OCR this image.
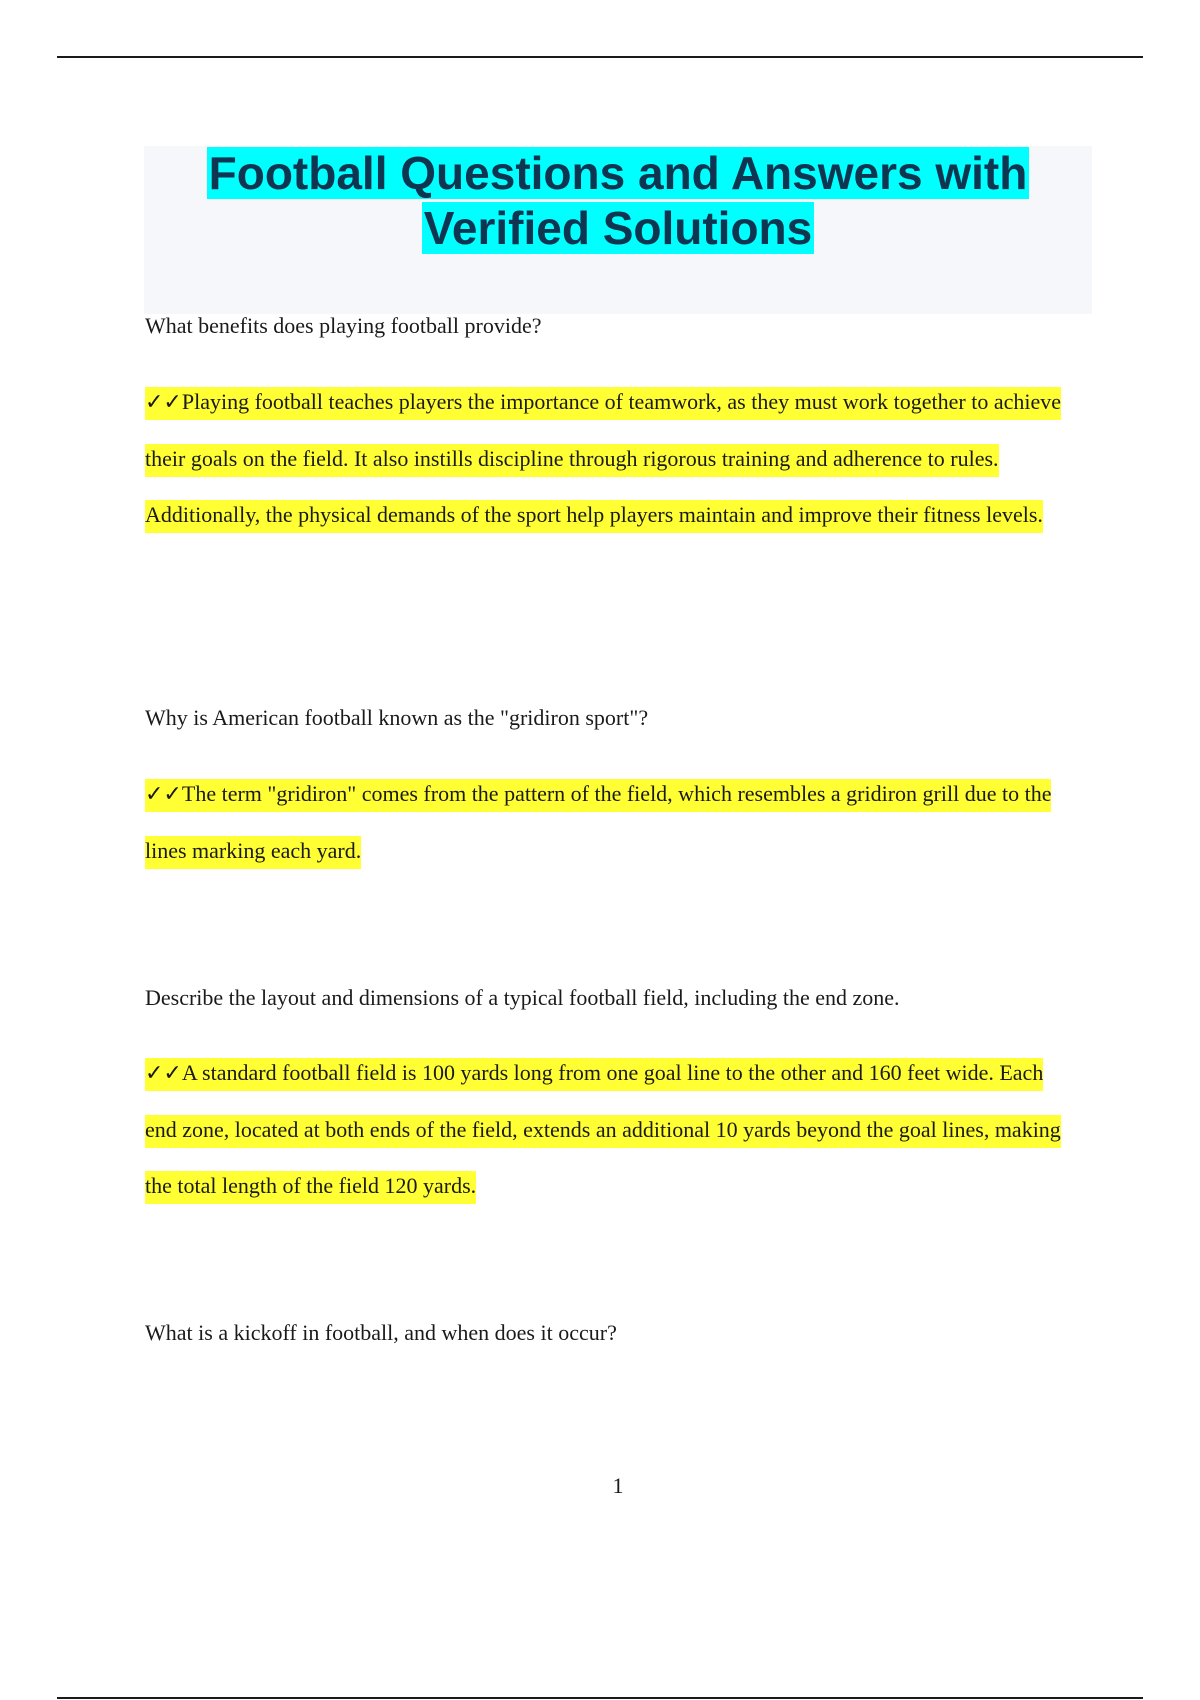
Football Questions and Answers with Verified Solutions
What benefits does playing football provide?
✓✓Playing football teaches players the importance of teamwork, as they must work together to achieve their goals on the field. It also instills discipline through rigorous training and adherence to rules. Additionally, the physical demands of the sport help players maintain and improve their fitness levels.
Why is American football known as the "gridiron sport"?
✓✓The term "gridiron" comes from the pattern of the field, which resembles a gridiron grill due to the lines marking each yard.
Describe the layout and dimensions of a typical football field, including the end zone.
✓✓A standard football field is 100 yards long from one goal line to the other and 160 feet wide. Each end zone, located at both ends of the field, extends an additional 10 yards beyond the goal lines, making the total length of the field 120 yards.
What is a kickoff in football, and when does it occur?
1
